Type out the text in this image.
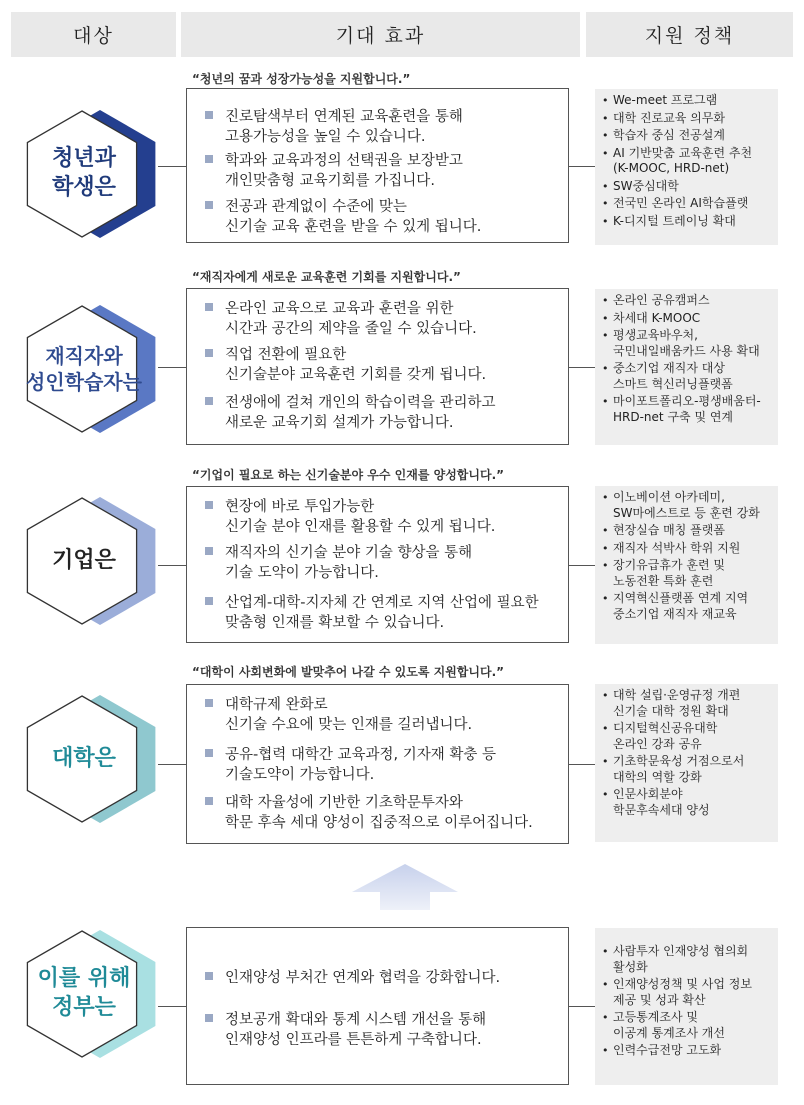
대상	기대 효과	지원 정책
청년과
학생은
“청년의 꿈과 성장가능성을 지원합니다.”
진로탐색부터 연계된 교육훈련을 통해
고용가능성을 높일 수 있습니다.
학과와 교육과정의 선택권을 보장받고
개인맞춤형 교육기회를 가집니다.
전공과 관계없이 수준에 맞는
신기술 교육 훈련을 받을 수 있게 됩니다.
• We-meet 프로그램
• 대학 진로교육 의무화
• 학습자 중심 전공설계
• AI 기반맞춤 교육훈련 추천
(K-MOOC, HRD-net)
• SW중심대학
• 전국민 온라인 AI학습플랫
• K-디지털 트레이닝 확대
재직자와
성인학습자는
“재직자에게 새로운 교육훈련 기회를 지원합니다.”
온라인 교육으로 교육과 훈련을 위한
시간과 공간의 제약을 줄일 수 있습니다.
직업 전환에 필요한
신기술분야 교육훈련 기회를 갖게 됩니다.
전생애에 걸쳐 개인의 학습이력을 관리하고
새로운 교육기회 설계가 가능합니다.
• 온라인 공유캠퍼스
• 차세대 K-MOOC
• 평생교육바우처,
국민내일배움카드 사용 확대
• 중소기업 재직자 대상
스마트 혁신러닝플랫폼
• 마이포트폴리오-평생배움터-
HRD-net 구축 및 연계
기업은
“기업이 필요로 하는 신기술분야 우수 인재를 양성합니다.”
현장에 바로 투입가능한
신기술 분야 인재를 활용할 수 있게 됩니다.
재직자의 신기술 분야 기술 향상을 통해
기술 도약이 가능합니다.
산업계-대학-지자체 간 연계로 지역 산업에 필요한
맞춤형 인재를 확보할 수 있습니다.
• 이노베이션 아카데미,
SW마에스트로 등 훈련 강화
• 현장실습 매칭 플랫폼
• 재직자 석박사 학위 지원
• 장기유급휴가 훈련 및
노동전환 특화 훈련
• 지역혁신플랫폼 연계 지역
중소기업 재직자 재교육
대학은
“대학이 사회변화에 발맞추어 나갈 수 있도록 지원합니다.”
대학규제 완화로
신기술 수요에 맞는 인재를 길러냅니다.
공유-협력 대학간 교육과정, 기자재 확충 등
기술도약이 가능합니다.
대학 자율성에 기반한 기초학문투자와
학문 후속 세대 양성이 집중적으로 이루어집니다.
• 대학 설립·운영규정 개편
신기술 대학 정원 확대
• 디지털혁신공유대학
온라인 강좌 공유
• 기초학문육성 거점으로서
대학의 역할 강화
• 인문사회분야
학문후속세대 양성
이를 위해
정부는
인재양성 부처간 연계와 협력을 강화합니다.
정보공개 확대와 통계 시스템 개선을 통해
인재양성 인프라를 튼튼하게 구축합니다.
• 사람투자 인재양성 협의회
활성화
• 인재양성정책 및 사업 정보
제공 및 성과 확산
• 고등통계조사 및
이공계 통계조사 개선
• 인력수급전망 고도화
